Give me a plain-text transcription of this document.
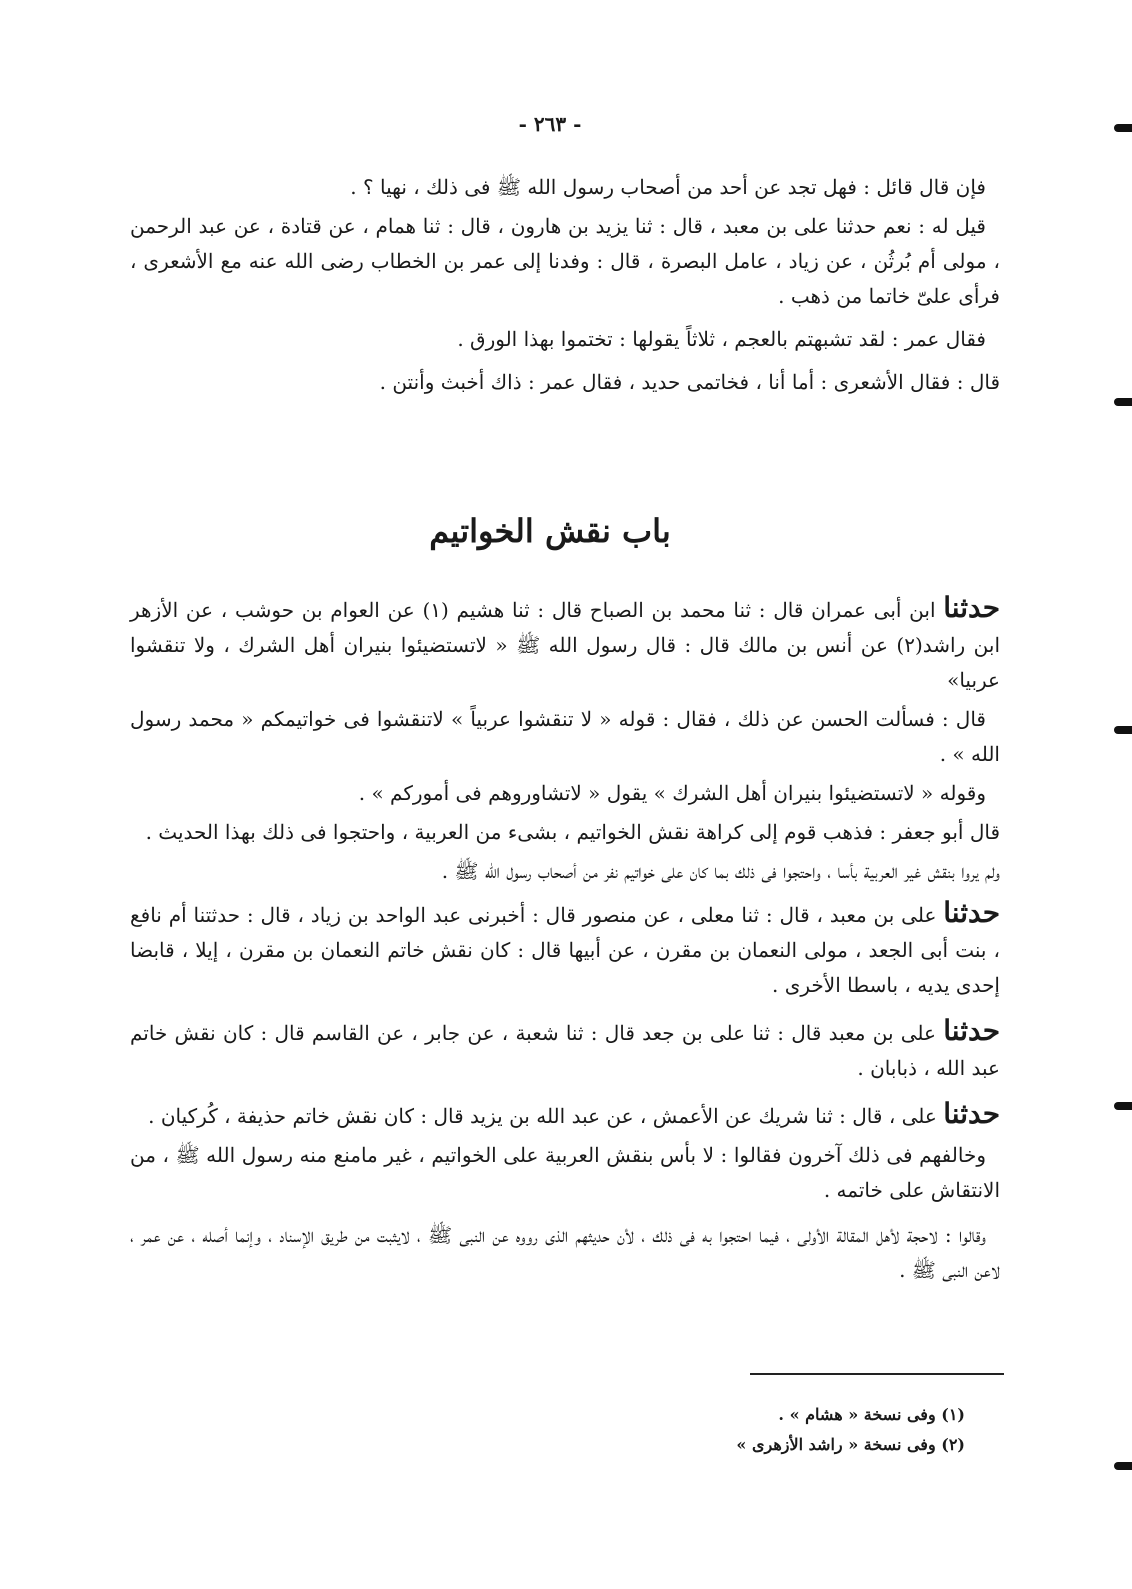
- ٢٦٣ -

فإن قال قائل : فهل تجد عن أحد من أصحاب رسول الله ﷺ فى ذلك ، نهيا ؟ .

قيل له : نعم حدثنا على بن معبد ، قال : ثنا يزيد بن هارون ، قال : ثنا همام ، عن قتادة ، عن عبد الرحمن ، مولى أم بُرثُن ، عن زياد ، عامل البصرة ، قال : وفدنا إلى عمر بن الخطاب رضى الله عنه مع الأشعرى ، فرأى علىّ خاتما من ذهب .

فقال عمر : لقد تشبهتم بالعجم ، ثلاثاً يقولها : تختموا بهذا الورق .

قال : فقال الأشعرى : أما أنا ، فخاتمى حديد ، فقال عمر : ذاك أخبث وأنتن .

باب نقش الخواتيم

حدثنا ابن أبى عمران قال : ثنا محمد بن الصباح قال : ثنا هشيم (١) عن العوام بن حوشب ، عن الأزهر ابن راشد(٢) عن أنس بن مالك قال : قال رسول الله ﷺ « لاتستضيئوا بنيران أهل الشرك ، ولا تنقشوا عربيا»

قال : فسألت الحسن عن ذلك ، فقال : قوله « لا تنقشوا عربياً » لاتنقشوا فى خواتيمكم « محمد رسول الله » .

وقوله « لاتستضيئوا بنيران أهل الشرك » يقول « لاتشاوروهم فى أموركم » .

قال أبو جعفر : فذهب قوم إلى كراهة نقش الخواتيم ، بشىء من العربية ، واحتجوا فى ذلك بهذا الحديث .

ولم يروا بنقش غير العربية بأسا ، واحتجوا فى ذلك بما كان على خواتيم نفر من أصحاب رسول الله ﷺ .

حدثنا على بن معبد ، قال : ثنا معلى ، عن منصور قال : أخبرنى عبد الواحد بن زياد ، قال : حدثتنا أم نافع ، بنت أبى الجعد ، مولى النعمان بن مقرن ، عن أبيها قال : كان نقش خاتم النعمان بن مقرن ، إيلا ، قابضا إحدى يديه ، باسطا الأخرى .

حدثنا على بن معبد قال : ثنا على بن جعد قال : ثنا شعبة ، عن جابر ، عن القاسم قال : كان نقش خاتم عبد الله ، ذبابان .

حدثنا على ، قال : ثنا شريك عن الأعمش ، عن عبد الله بن يزيد قال : كان نقش خاتم حذيفة ، كُركيان .

وخالفهم فى ذلك آخرون فقالوا : لا بأس بنقش العربية على الخواتيم ، غير مامنع منه رسول الله ﷺ ، من الانتقاش على خاتمه .

وقالوا : لاحجة لأهل المقالة الأولى ، فيما احتجوا به فى ذلك ، لأن حديثهم الذى رووه عن النبى ﷺ ، لايثبت من طريق الإسناد ، وإنما أصله ، عن عمر ، لاعن النبى ﷺ .

(١) وفى نسخة « هشام » .

(٢) وفى نسخة « راشد الأزهرى »
